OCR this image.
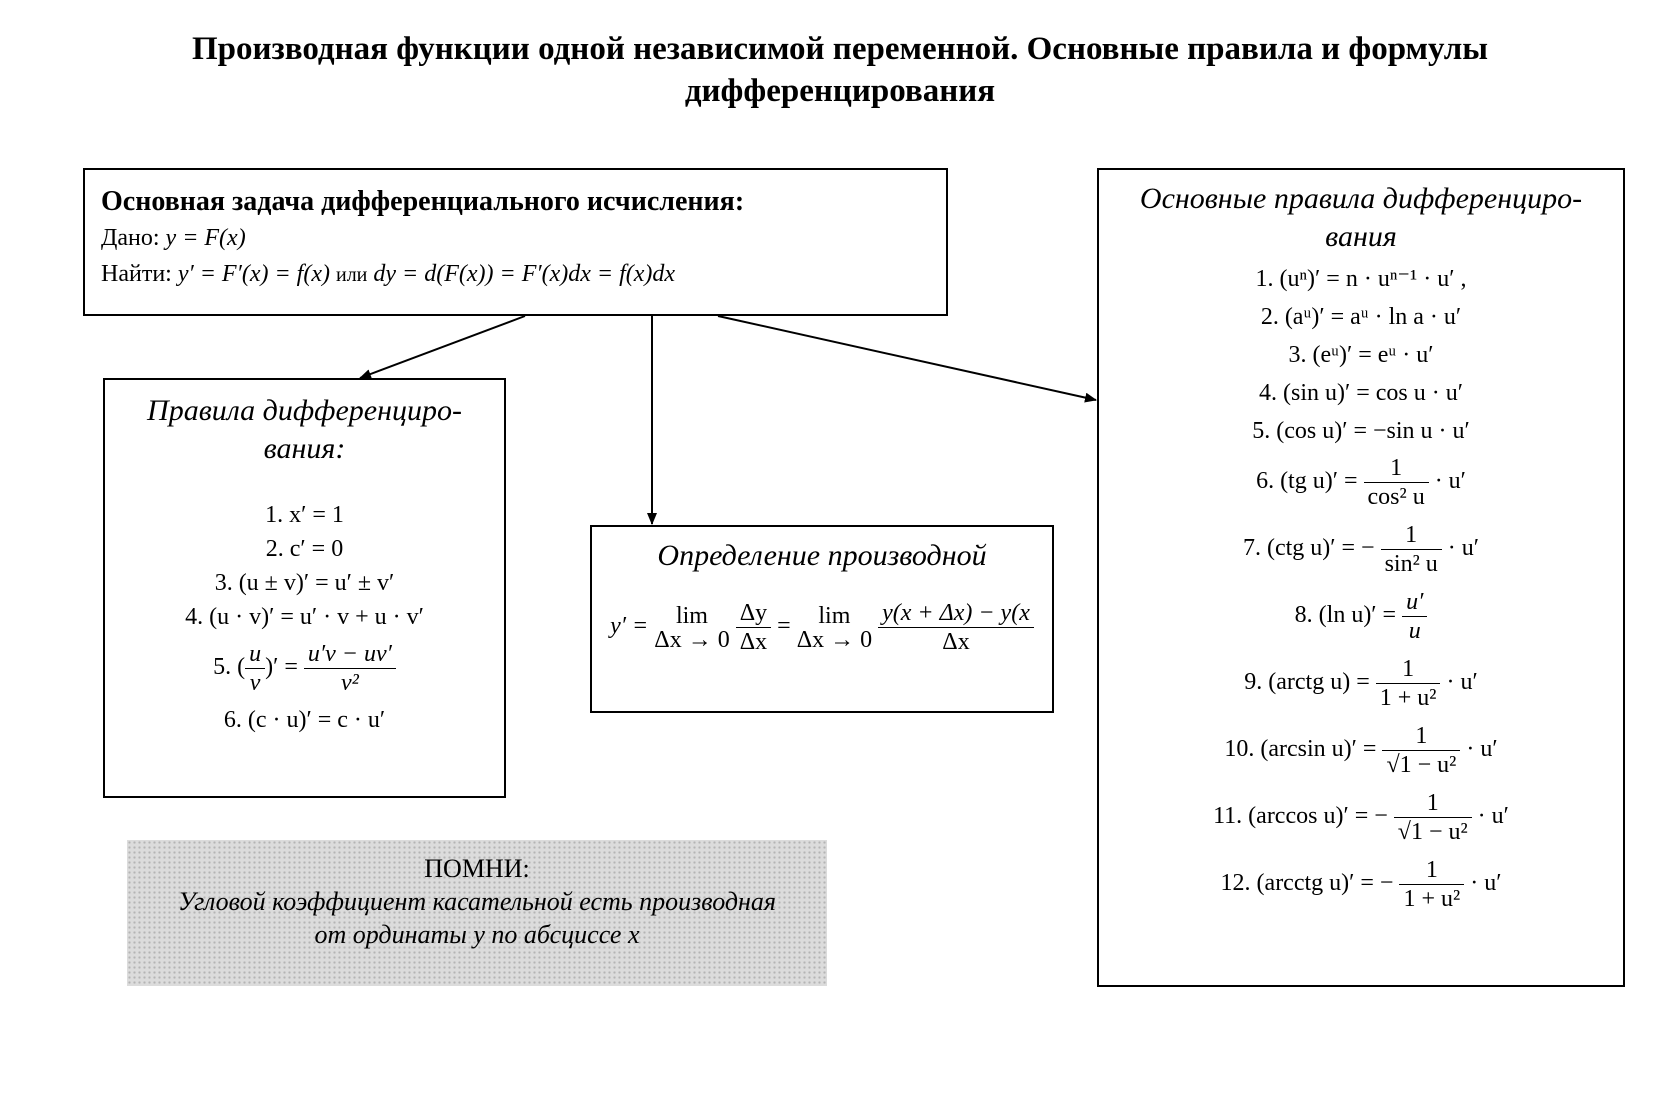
Производная функции одной независимой переменной. Основные правила и формулы дифференцирования
Основная задача дифференциального исчисления:
Дано: y = F(x)
Найти: y′ = F′(x) = f(x) или dy = d(F(x)) = F′(x)dx = f(x)dx
Правила дифференциро-
вания:
1. x′ = 1
2. c′ = 0
3. (u ± v)′ = u′ ± v′
4. (u · v)′ = u′ · v + u · v′
5. ( $\frac{u}{v}$ )′ = $\frac{u'v - uv'}{\text{v²}}$
6. (c · u)′ = c · u′
Определение производной
y′ =	lim
Δx → 0
$\frac{\Delta y}{\Delta x}$ =	lim
Δx → 0
$\frac{y(x + \Delta x) - y(x}{\Delta x}$
Основные правила дифференциро-
вания
1. (uⁿ)′ = n · uⁿ⁻¹ · u′ ,
2. (aᵘ)′ = aᵘ · ln a · u′
3. (eᵘ)′ = eᵘ · u′
4. (sin u)′ = cos u · u′
5. (cos u)′ = −sin u · u′
6. (tg $u)' = \frac{1}{\text{cos² u}} \cdot u'$
7. (ctg u)′ = − $\frac{1}{\text{sin² u}} \cdot u'$
8. (ln $u)' = \frac{u'}{u}$
9. (arctg $u) = \frac{1}{\text{1 + u²}} \cdot u'$
10. (arcsin $u)' = \frac{1}{\text{√1 − u²}} \cdot u'$
11. (arccos u)′ = − $\frac{1}{\text{√1 − u²}} \cdot u'$
12. (arcctg u)′ = − $\frac{1}{\text{1 + u²}} \cdot u'$
ПОМНИ:
Угловой коэффициент касательной есть производная
от ординаты y по абсциссе x
